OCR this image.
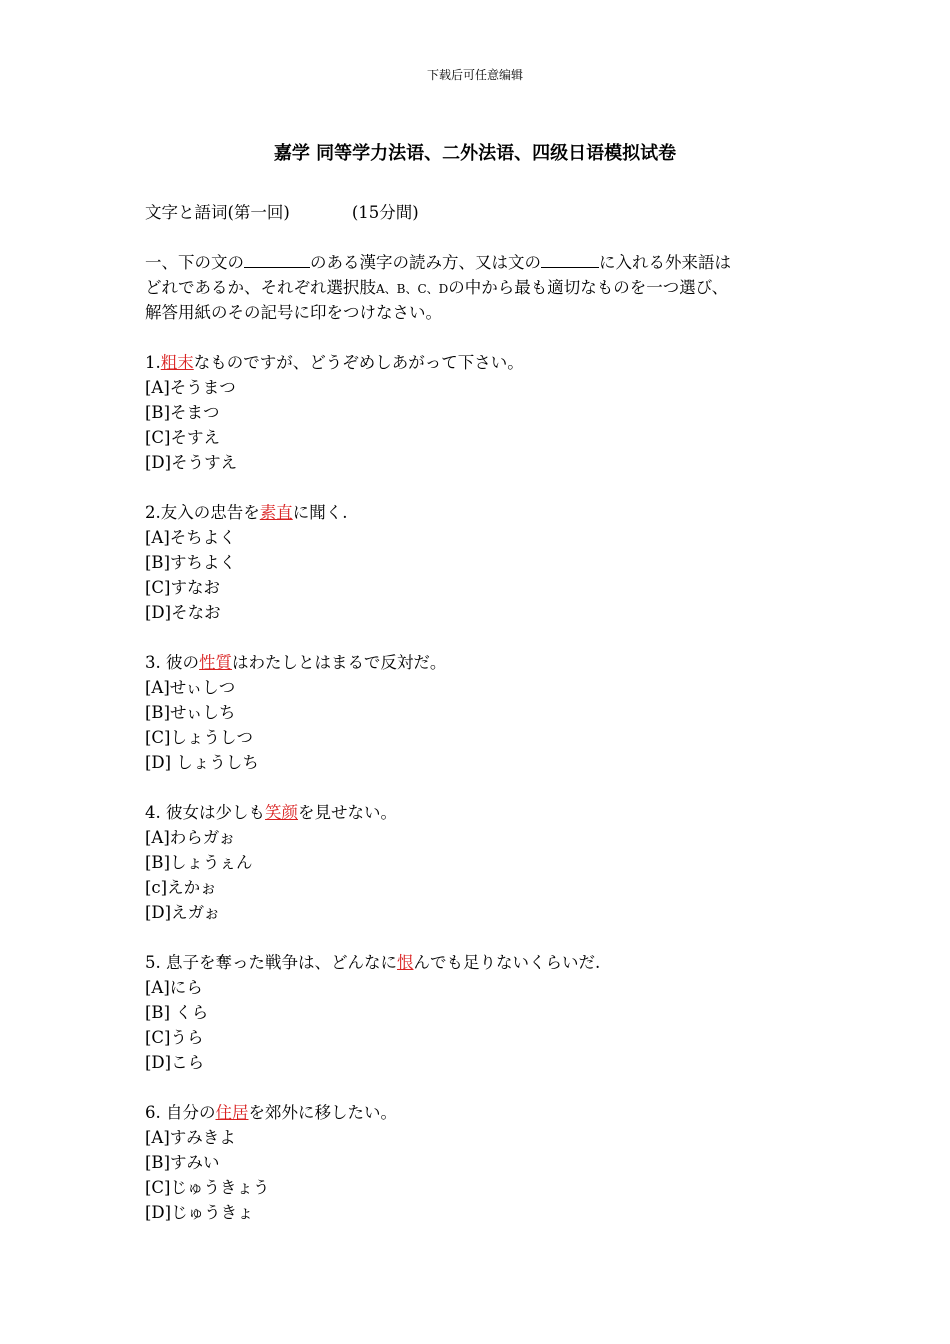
下载后可任意编辑
嘉学 同等学力法语、二外法语、四级日语模拟试卷
文字と語词(第一回)	(15分間)
一、下の文の	のある漢字の読み方、又は文の	に入れる外来語は
どれであるか、それぞれ選択肢A、B、C、Dの中から最も適切なものを一つ選び、
解答用紙のその記号に印をつけなさい。
1.粗末なものですが、どうぞめしあがって下さい。
[A]そうまつ
[B]そまつ
[C]そすえ
[D]そうすえ
2.友入の忠告を素直に聞く.
[A]そちよく
[B]すちよく
[C]すなお
[D]そなお
3. 彼の性質はわたしとはまるで反対だ。
[A]せぃしつ
[B]せぃしち
[C]しょうしつ
[D] しょうしち
4. 彼女は少しも笑颜を見せない。
[A]わらガぉ
[B]しょうぇん
[c]えかぉ
[D]えガぉ
5. 息子を奪った戦争は、どんなに恨んでも足りないくらいだ.
[A]にら
[B] くら
[C]うら
[D]こら
6. 自分の住居を郊外に移したい。
[A]すみきよ
[B]すみい
[C]じゅうきょう
[D]じゅうきょ
